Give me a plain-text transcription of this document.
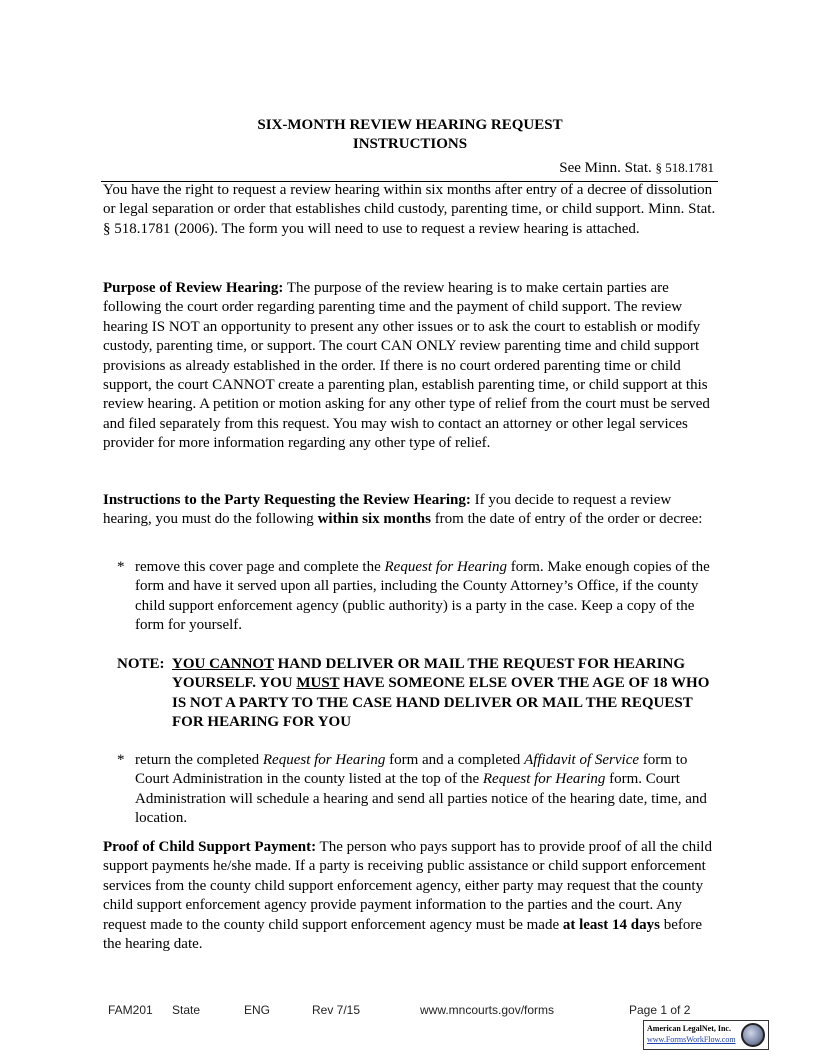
SIX-MONTH REVIEW HEARING REQUEST
INSTRUCTIONS
See Minn. Stat. § 518.1781

You have the right to request a review hearing within six months after entry of a decree of dissolution or legal separation or order that establishes child custody, parenting time, or child support. Minn. Stat. § 518.1781 (2006). The form you will need to use to request a review hearing is attached.

Purpose of Review Hearing: The purpose of the review hearing is to make certain parties are following the court order regarding parenting time and the payment of child support. The review hearing IS NOT an opportunity to present any other issues or to ask the court to establish or modify custody, parenting time, or support. The court CAN ONLY review parenting time and child support provisions as already established in the order. If there is no court ordered parenting time or child support, the court CANNOT create a parenting plan, establish parenting time, or child support at this review hearing. A petition or motion asking for any other type of relief from the court must be served and filed separately from this request. You may wish to contact an attorney or other legal services provider for more information regarding any other type of relief.

Instructions to the Party Requesting the Review Hearing: If you decide to request a review hearing, you must do the following within six months from the date of entry of the order or decree:

* remove this cover page and complete the Request for Hearing form. Make enough copies of the form and have it served upon all parties, including the County Attorney’s Office, if the county child support enforcement agency (public authority) is a party in the case. Keep a copy of the form for yourself.

NOTE: YOU CANNOT HAND DELIVER OR MAIL THE REQUEST FOR HEARING YOURSELF. YOU MUST HAVE SOMEONE ELSE OVER THE AGE OF 18 WHO IS NOT A PARTY TO THE CASE HAND DELIVER OR MAIL THE REQUEST FOR HEARING FOR YOU

* return the completed Request for Hearing form and a completed Affidavit of Service form to Court Administration in the county listed at the top of the Request for Hearing form. Court Administration will schedule a hearing and send all parties notice of the hearing date, time, and location.

Proof of Child Support Payment: The person who pays support has to provide proof of all the child support payments he/she made. If a party is receiving public assistance or child support enforcement services from the county child support enforcement agency, either party may request that the county child support enforcement agency provide payment information to the parties and the court. Any request made to the county child support enforcement agency must be made at least 14 days before the hearing date.

FAM201 State	ENG	Rev 7/15	www.mncourts.gov/forms	Page 1 of 2
American LegalNet, Inc.
www.FormsWorkFlow.com
